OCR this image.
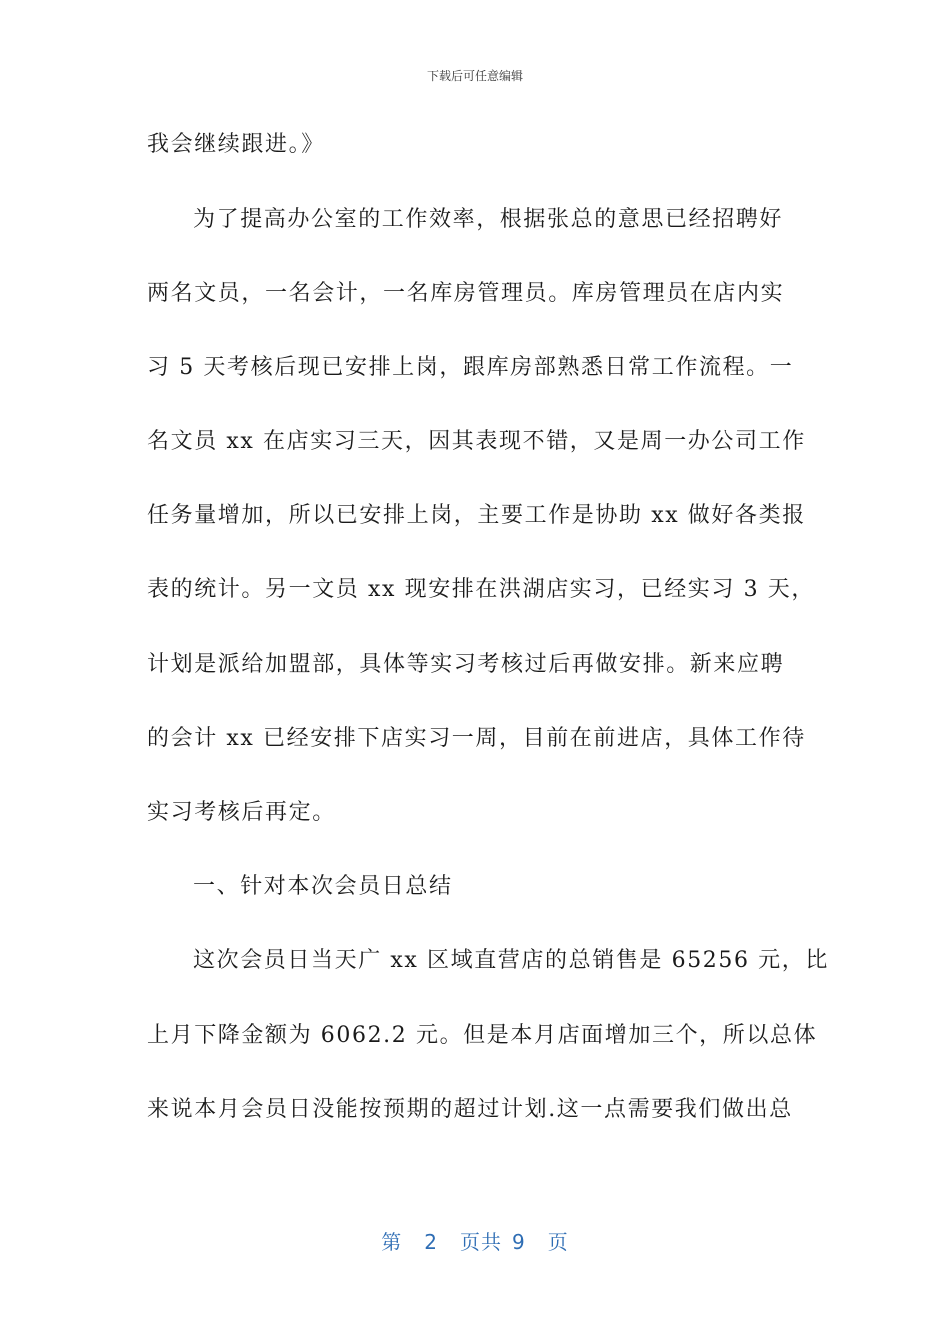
下载后可任意编辑
我会继续跟进。》
为了提高办公室的工作效率，根据张总的意思已经招聘好
两名文员，一名会计，一名库房管理员。库房管理员在店内实
习 5 天考核后现已安排上岗，跟库房部熟悉日常工作流程。一
名文员 xx 在店实习三天，因其表现不错，又是周一办公司工作
任务量增加，所以已安排上岗，主要工作是协助 xx 做好各类报
表的统计。另一文员 xx 现安排在洪湖店实习，已经实习 3 天，
计划是派给加盟部，具体等实习考核过后再做安排。新来应聘
的会计 xx 已经安排下店实习一周，目前在前进店，具体工作待
实习考核后再定。
一、针对本次会员日总结
这次会员日当天广 xx 区域直营店的总销售是 65256 元，比
上月下降金额为 6062.2 元。但是本月店面增加三个，所以总体
来说本月会员日没能按预期的超过计划.这一点需要我们做出总
第 2 页共 9 页
